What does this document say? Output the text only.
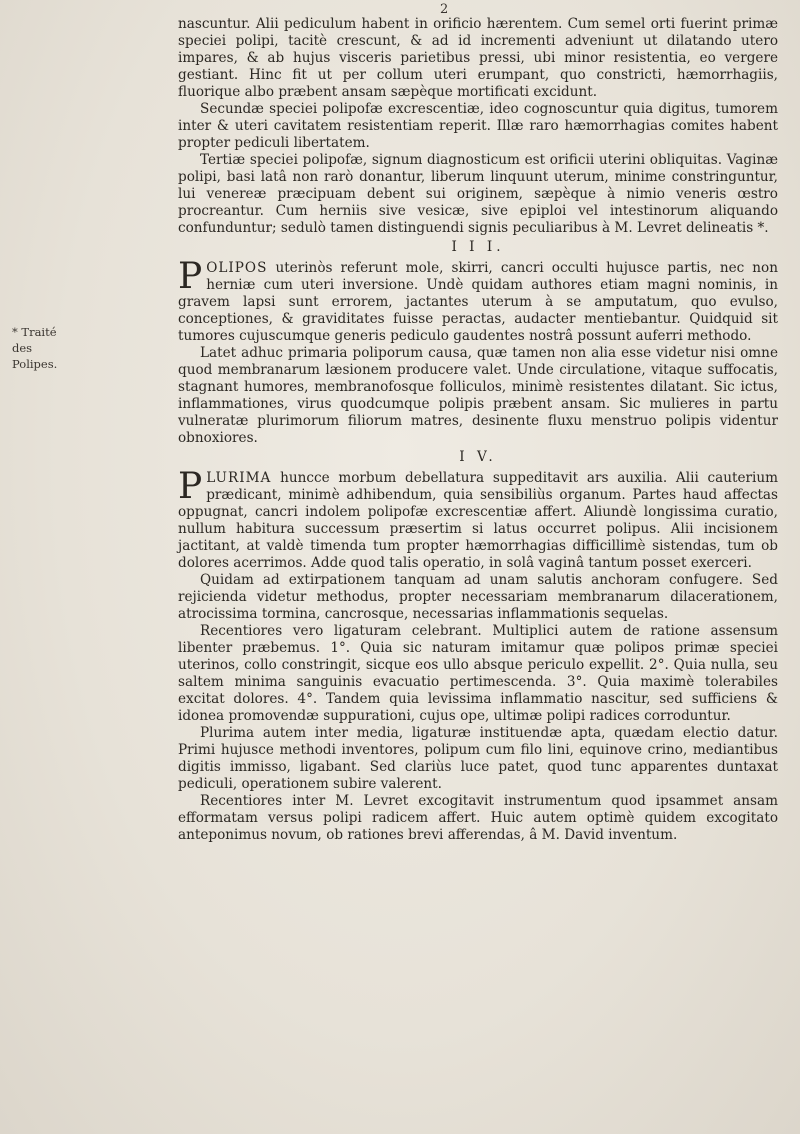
2
* Traité des Polipes.

nascuntur. Alii pediculum habent in orificio hærentem. Cum semel orti fuerint primæ speciei polipi, tacitè crescunt, & ad id incrementi adveniunt ut dilatando utero impares, & ab hujus visceris parietibus pressi, ubi minor resistentia, eo vergere gestiant. Hinc fit ut per collum uteri erumpant, quo constricti, hæmorrhagiis, fluorique albo præbent ansam sæpèque mortificati excidunt.

Secundæ speciei polipofæ excrescentiæ, ideo cognoscuntur quia digitus, tumorem inter & uteri cavitatem resistentiam reperit. Illæ raro hæmorrhagias comites habent propter pediculi libertatem.

Tertiæ speciei polipofæ, signum diagnosticum est orificii uterini obliquitas. Vaginæ polipi, basi latâ non rarò donantur, liberum linquunt uterum, minime constringuntur, lui venereæ præcipuam debent sui originem, sæpèque à nimio veneris œstro procreantur. Cum herniis sive vesicæ, sive epiploi vel intestinorum aliquando confunduntur; sedulò tamen distinguendi signis peculiaribus à M. Levret delineatis *.

I I I.

POLIPOS uterinòs referunt mole, skirri, cancri occulti hujusce partis, nec non herniæ cum uteri inversione. Undè quidam authores etiam magni nominis, in gravem lapsi sunt errorem, jactantes uterum à se amputatum, quo evulso, conceptiones, & graviditates fuisse peractas, audacter mentiebantur. Quidquid sit tumores cujuscumque generis pediculo gaudentes nostrâ possunt auferri methodo.

Latet adhuc primaria poliporum causa, quæ tamen non alia esse videtur nisi omne quod membranarum læsionem producere valet. Unde circulatione, vitaque suffocatis, stagnant humores, membranofosque folliculos, minimè resistentes dilatant. Sic ictus, inflammationes, virus quodcumque polipis præbent ansam. Sic mulieres in partu vulneratæ plurimorum filiorum matres, desinente fluxu menstruo polipis videntur obnoxiores.

I V.

PLURIMA huncce morbum debellatura suppeditavit ars auxilia. Alii cauterium prædicant, minimè adhibendum, quia sensibiliùs organum. Partes haud affectas oppugnat, cancri indolem polipofæ excrescentiæ affert. Aliundè longissima curatio, nullum habitura successum præsertim si latus occurret polipus. Alii incisionem jactitant, at valdè timenda tum propter hæmorrhagias difficillimè sistendas, tum ob dolores acerrimos. Adde quod talis operatio, in solâ vaginâ tantum posset exerceri.

Quidam ad extirpationem tanquam ad unam salutis anchoram confugere. Sed rejicienda videtur methodus, propter necessariam membranarum dilacerationem, atrocissima tormina, cancrosque, necessarias inflammationis sequelas.

Recentiores vero ligaturam celebrant. Multiplici autem de ratione assensum libenter præbemus. 1°. Quia sic naturam imitamur quæ polipos primæ speciei uterinos, collo constringit, sicque eos ullo absque periculo expellit. 2°. Quia nulla, seu saltem minima sanguinis evacuatio pertimescenda. 3°. Quia maximè tolerabiles excitat dolores. 4°. Tandem quia levissima inflammatio nascitur, sed sufficiens & idonea promovendæ suppurationi, cujus ope, ultimæ polipi radices corroduntur.

Plurima autem inter media, ligaturæ instituendæ apta, quædam electio datur. Primi hujusce methodi inventores, polipum cum filo lini, equinove crino, mediantibus digitis immisso, ligabant. Sed clariùs luce patet, quod tunc apparentes duntaxat pediculi, operationem subire valerent.

Recentiores inter M. Levret excogitavit instrumentum quod ipsammet ansam efformatam versus polipi radicem affert. Huic autem optimè quidem excogitato anteponimus novum, ob rationes brevi afferendas, â M. David inventum.
